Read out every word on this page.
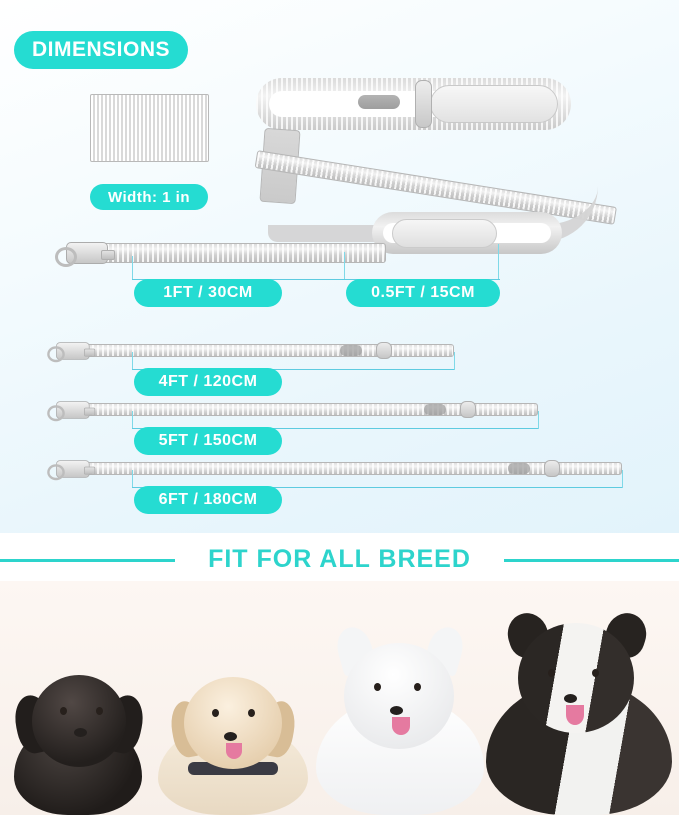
DIMENSIONS
Width: 1 in
1FT / 30CM	0.5FT / 15CM
4FT / 120CM
5FT / 150CM
6FT / 180CM
FIT FOR ALL BREED
